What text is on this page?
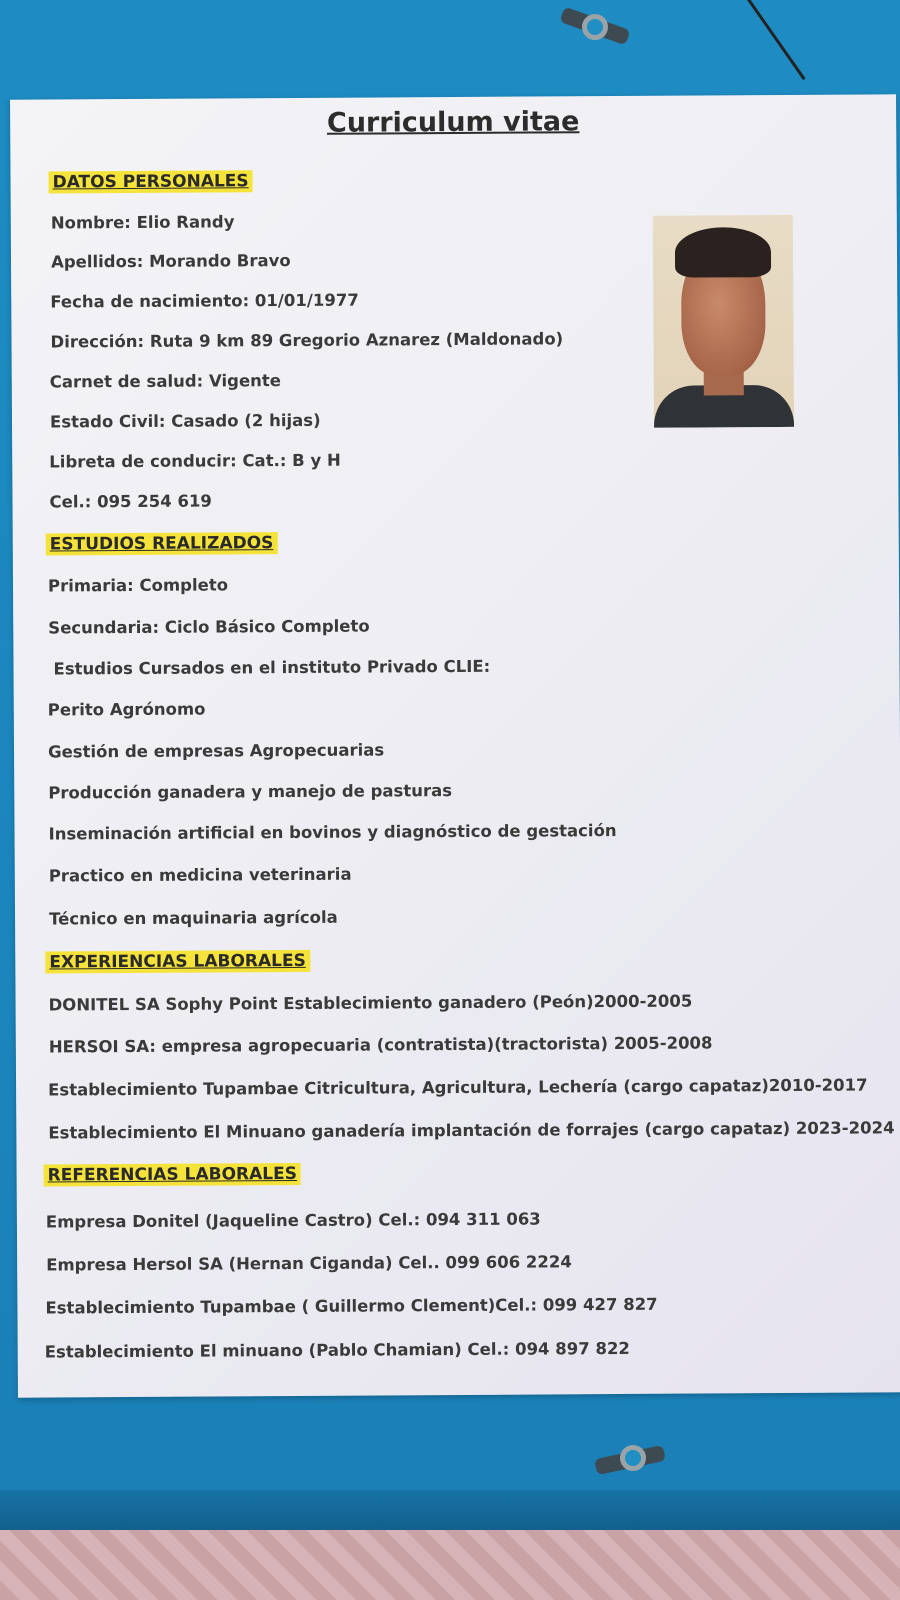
Curriculum vitae
DATOS PERSONALES
Nombre: Elio Randy
Apellidos: Morando Bravo
Fecha de nacimiento: 01/01/1977
Dirección: Ruta 9 km 89 Gregorio Aznarez (Maldonado)
Carnet de salud: Vigente
Estado Civil: Casado (2 hijas)
Libreta de conducir: Cat.: B y H
Cel.: 095 254 619
ESTUDIOS REALIZADOS
Primaria: Completo
Secundaria: Ciclo Básico Completo
Estudios Cursados en el instituto Privado CLIE:
Perito Agrónomo
Gestión de empresas Agropecuarias
Producción ganadera y manejo de pasturas
Inseminación artificial en bovinos y diagnóstico de gestación
Practico en medicina veterinaria
Técnico en maquinaria agrícola
EXPERIENCIAS LABORALES
DONITEL SA Sophy Point Establecimiento ganadero (Peón)2000-2005
HERSOI SA: empresa agropecuaria (contratista)(tractorista) 2005-2008
Establecimiento Tupambae Citricultura, Agricultura, Lechería (cargo capataz)2010-2017
Establecimiento El Minuano ganadería implantación de forrajes (cargo capataz) 2023-2024
REFERENCIAS LABORALES
Empresa Donitel (Jaqueline Castro) Cel.: 094 311 063
Empresa Hersol SA (Hernan Ciganda) Cel.. 099 606 2224
Establecimiento Tupambae ( Guillermo Clement)Cel.: 099 427 827
Establecimiento El minuano (Pablo Chamian) Cel.: 094 897 822
